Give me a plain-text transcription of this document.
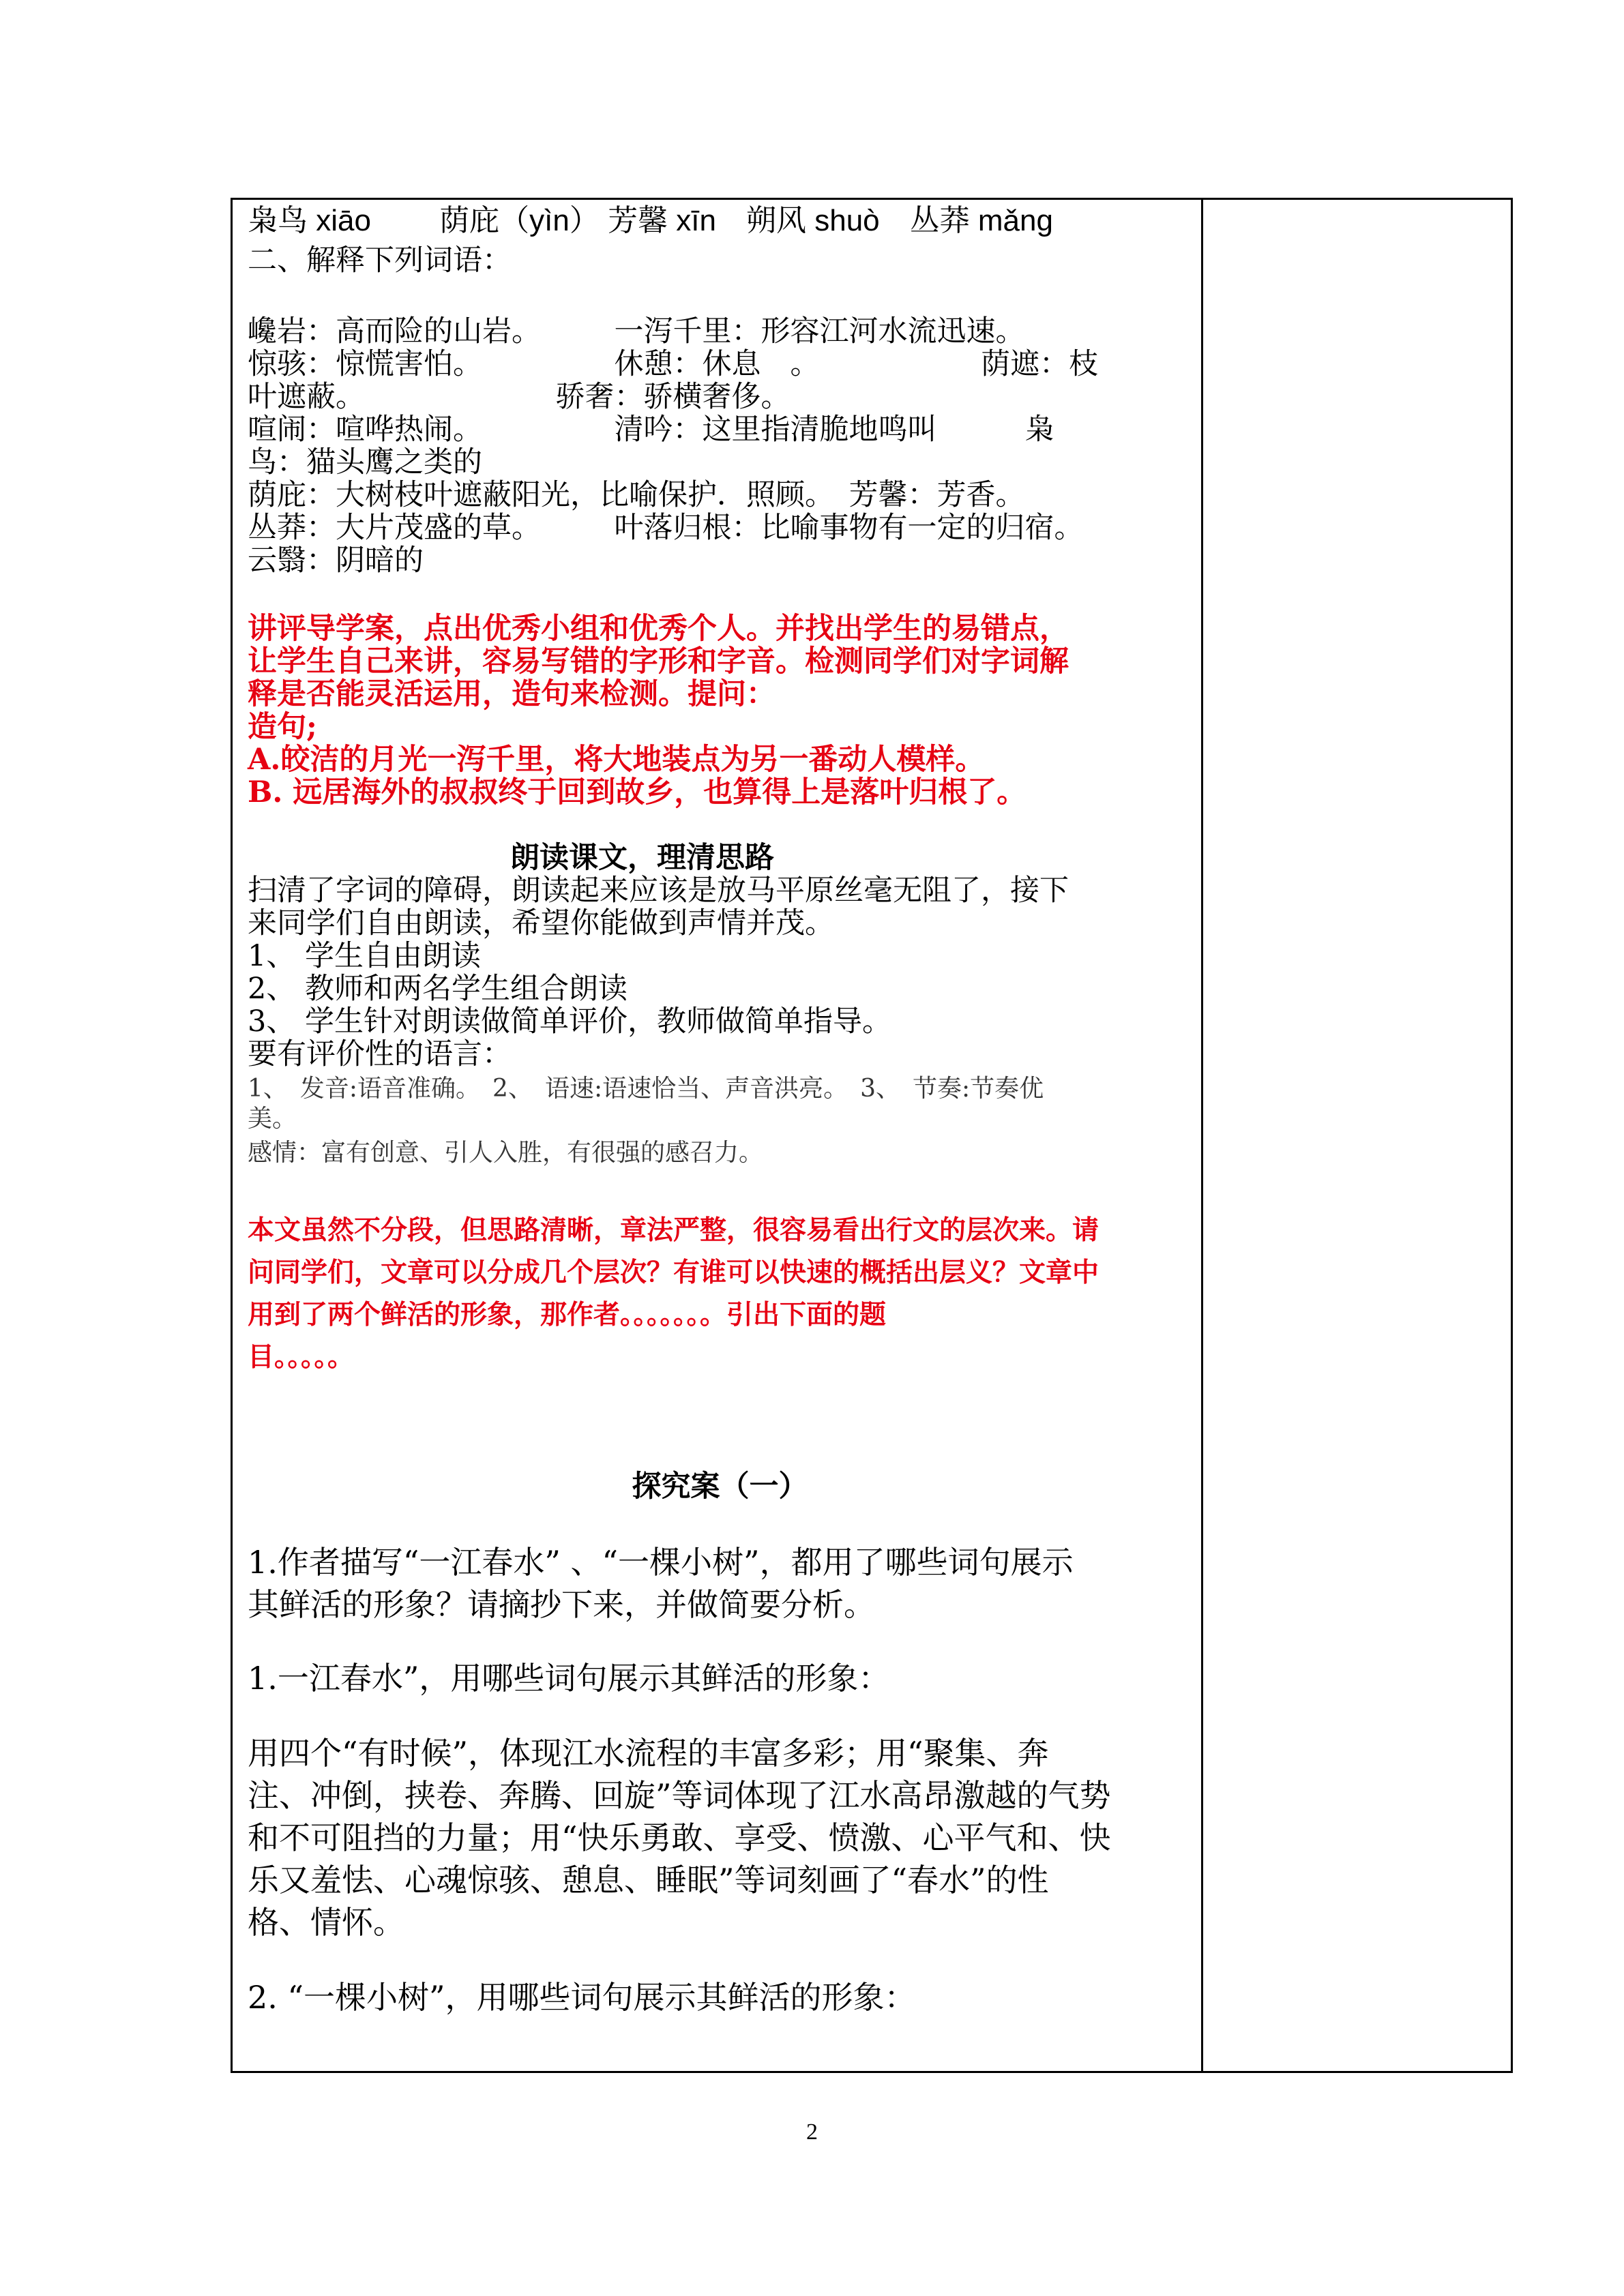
枭鸟 xiāo　　 荫庇（yìn） 芳馨 xīn　朔风 shuò　丛莽 mǎng
二、解释下列词语：
巉岩：高而险的山岩。　　　一泻千里：形容江河水流迅速。
惊骇：惊慌害怕。　　　　　休憩：休息　。　　　　　　荫遮：枝
叶遮蔽。　　　　　　　骄奢：骄横奢侈。
喧闹：喧哗热闹。　　　　　清吟：这里指清脆地鸣叫　　　枭
鸟：猫头鹰之类的
荫庇：大树枝叶遮蔽阳光，比喻保护．照顾。　芳馨：芳香。
丛莽：大片茂盛的草。　　　叶落归根：比喻事物有一定的归宿。
云翳：阴暗的
讲评导学案，点出优秀小组和优秀个人。并找出学生的易错点，
让学生自己来讲，容易写错的字形和字音。检测同学们对字词解
释是否能灵活运用，造句来检测。提问：
造句;
A.皎洁的月光一泻千里，将大地装点为另一番动人模样。
B. 远居海外的叔叔终于回到故乡，也算得上是落叶归根了。
朗读课文，理清思路
扫清了字词的障碍，朗读起来应该是放马平原丝毫无阻了，接下
来同学们自由朗读，希望你能做到声情并茂。
1、 学生自由朗读
2、 教师和两名学生组合朗读
3、 学生针对朗读做简单评价，教师做简单指导。
要有评价性的语言：
1、　发音:语音准确。　2、　语速:语速恰当、声音洪亮。　3、　节奏:节奏优
美。
感情：富有创意、引人入胜，有很强的感召力。
本文虽然不分段，但思路清晰，章法严整，很容易看出行文的层次来。请
问同学们，文章可以分成几个层次？有谁可以快速的概括出层义？文章中
用到了两个鲜活的形象，那作者。。。。。。。引出下面的题
目。。。。。
探究案（一）
1.作者描写“一江春水” 、“一棵小树”，都用了哪些词句展示
其鲜活的形象？请摘抄下来，并做简要分析。
1.一江春水”，用哪些词句展示其鲜活的形象：
用四个“有时候”，体现江水流程的丰富多彩；用“聚集、奔
注、冲倒，挟卷、奔腾、回旋”等词体现了江水高昂激越的气势
和不可阻挡的力量；用“快乐勇敢、享受、愤激、心平气和、快
乐又羞怯、心魂惊骇、憩息、睡眠”等词刻画了“春水”的性
格、情怀。
2. “一棵小树”，用哪些词句展示其鲜活的形象：
2
